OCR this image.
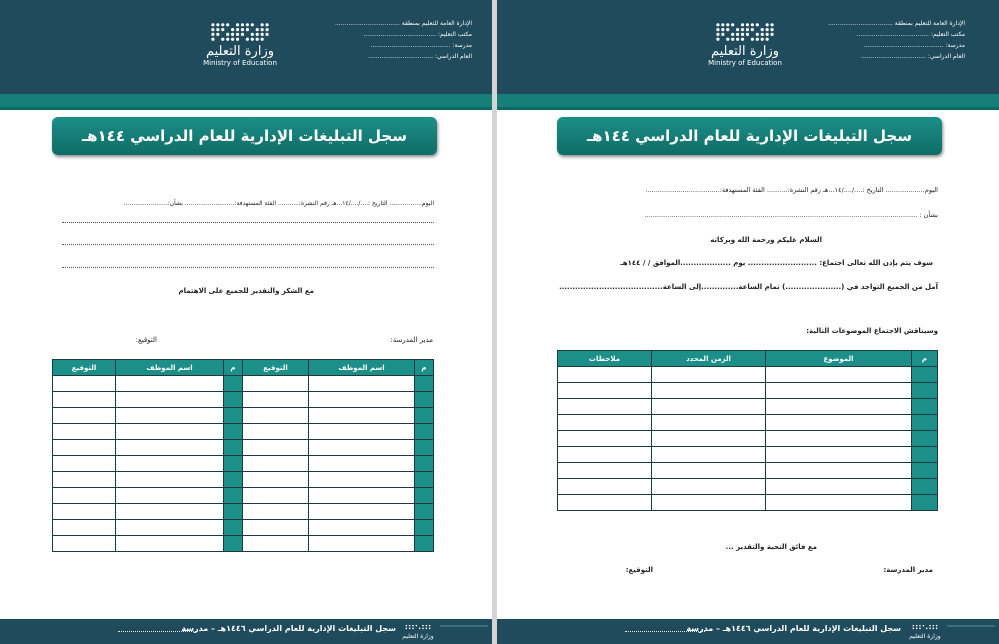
وزارة التعليم
Ministry of Education
الإدارة العامة للتعليم بمنطقة ..................................
مكتب التعليم: ......................................
مدرسة: ..........................................
العام الدراسي: ..................................
سجل التبليغات الإدارية للعام الدراسي ١٤٤هـ
اليوم................. التاريخ :..../..../١٤...هـ رقم النشرة:........... الفئة المستهدفة:.......................... بشأن:.......................
مع الشكر والتقدير للجميع على الاهتمام
مدير المدرسة:
التوقيع:
م	اسم الموظف	التوقيع	م	اسم الموظف	التوقيع

وزارة التعليم
سجل التبليغات الإدارية للعام الدراسي ١٤٤٦هـ – مدرسة
وزارة التعليم
Ministry of Education
الإدارة العامة للتعليم بمنطقة ..................................
مكتب التعليم: ......................................
مدرسة: ..........................................
العام الدراسي: ..................................
سجل التبليغات الإدارية للعام الدراسي ١٤٤هـ
اليوم................... التاريخ :..../..../١٤...هـ رقم النشرة:.......... الفئة المستهدفة:....................................
بشأن : ....................................................................................................................................
السلام عليكم ورحمة الله وبركاته
سوف يتم بإذن الله تعالى اجتماع: .......................... يوم ...................الموافق / / ١٤٤هـ
آمل من الجميع التواجد في (.....................) تمام الساعة..............إلى الساعة.......................................
وسيناقش الاجتماع الموضوعات التالية:
م	الموضوع	الزمن المحدد	ملاحظات

مع فائق التحية والتقدير ...
مدير المدرسة:
التوقيع:
وزارة التعليم
سجل التبليغات الإدارية للعام الدراسي ١٤٤٦هـ – مدرسة
